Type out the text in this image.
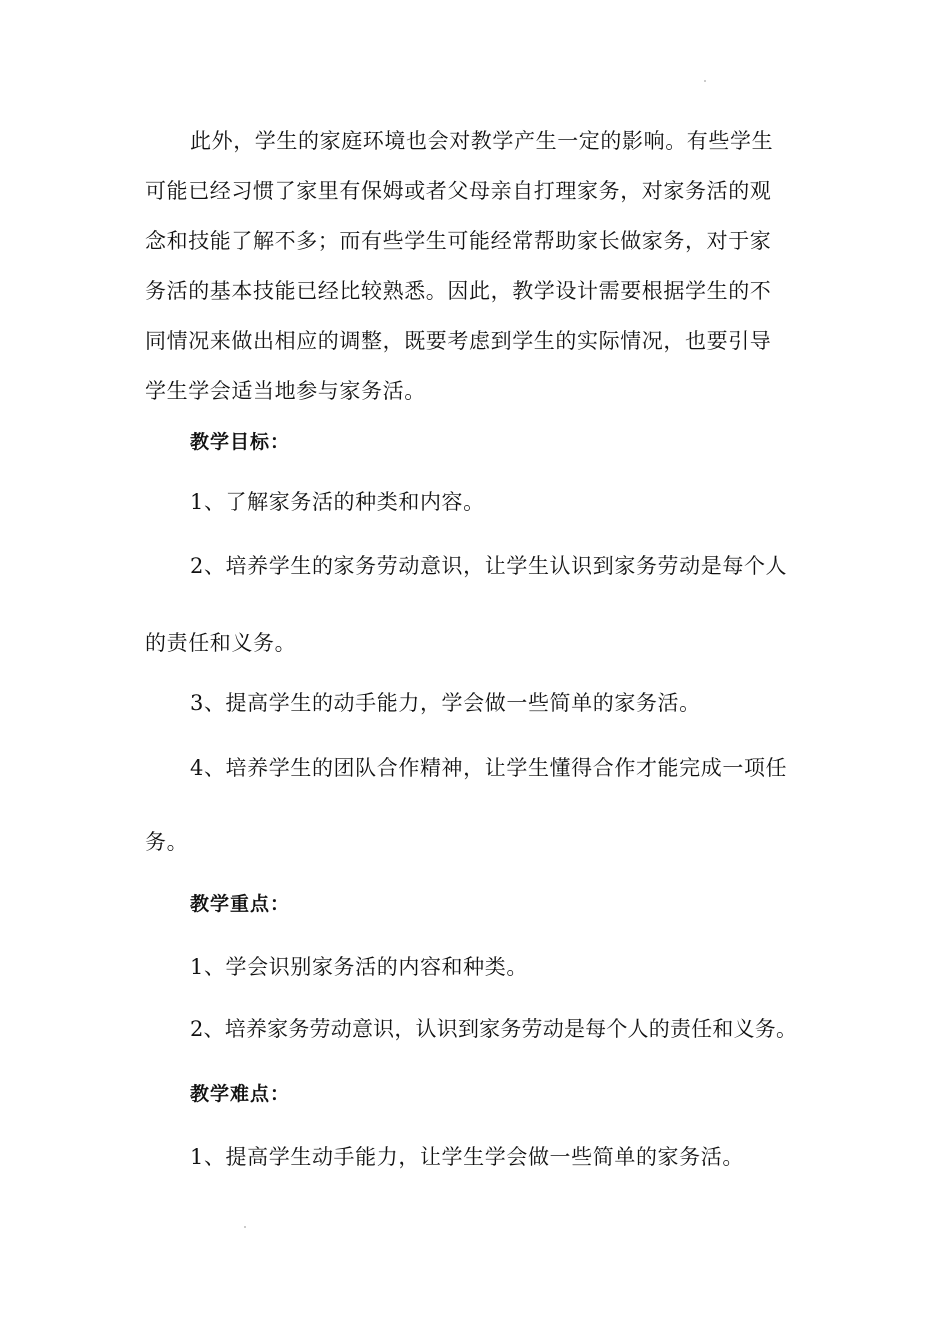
此外，学生的家庭环境也会对教学产生一定的影响。有些学生
可能已经习惯了家里有保姆或者父母亲自打理家务，对家务活的观
念和技能了解不多；而有些学生可能经常帮助家长做家务，对于家
务活的基本技能已经比较熟悉。因此，教学设计需要根据学生的不
同情况来做出相应的调整，既要考虑到学生的实际情况，也要引导
学生学会适当地参与家务活。
教学目标：
1、了解家务活的种类和内容。
2、培养学生的家务劳动意识，让学生认识到家务劳动是每个人
的责任和义务。
3、提高学生的动手能力，学会做一些简单的家务活。
4、培养学生的团队合作精神，让学生懂得合作才能完成一项任
务。
教学重点：
1、学会识别家务活的内容和种类。
2、培养家务劳动意识，认识到家务劳动是每个人的责任和义务。
教学难点：
1、提高学生动手能力，让学生学会做一些简单的家务活。
